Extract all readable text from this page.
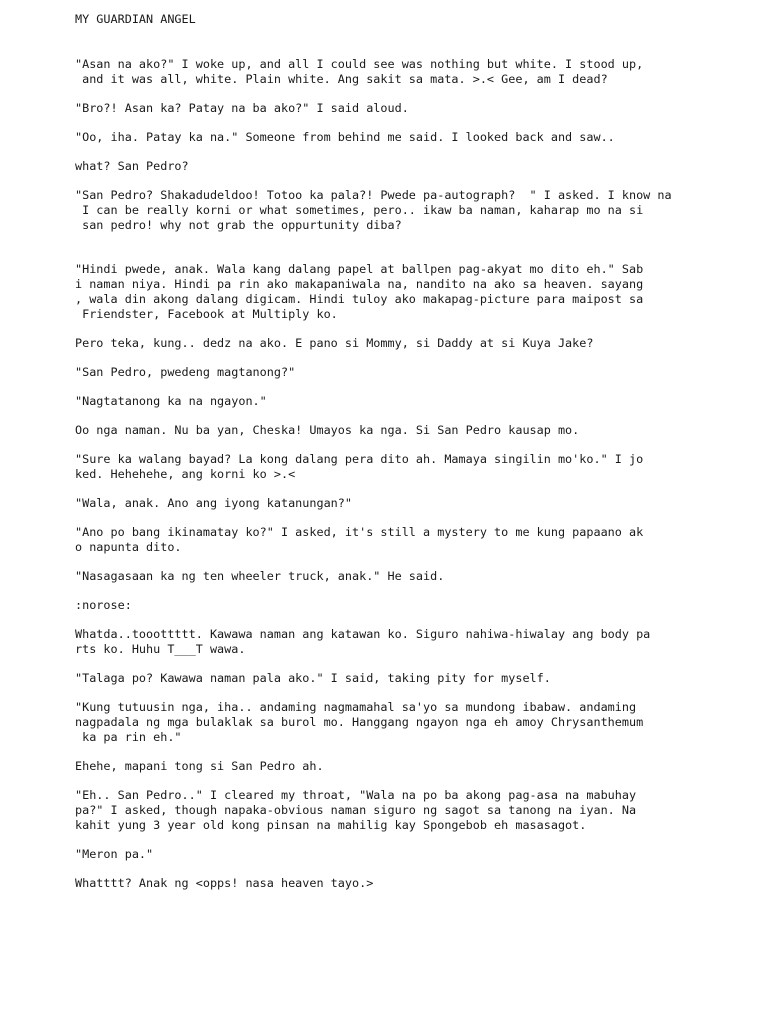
MY GUARDIAN ANGEL

"Asan na ako?" I woke up, and all I could see was nothing but white. I stood up,
and it was all, white. Plain white. Ang sakit sa mata. >.< Gee, am I dead?

"Bro?! Asan ka? Patay na ba ako?" I said aloud.

"Oo, iha. Patay ka na." Someone from behind me said. I looked back and saw..

what? San Pedro?

"San Pedro? Shakadudeldoo! Totoo ka pala?! Pwede pa-autograph?  " I asked. I know na
I can be really korni or what sometimes, pero.. ikaw ba naman, kaharap mo na si
san pedro! why not grab the oppurtunity diba?

"Hindi pwede, anak. Wala kang dalang papel at ballpen pag-akyat mo dito eh." Sab
i naman niya. Hindi pa rin ako makapaniwala na, nandito na ako sa heaven. sayang
, wala din akong dalang digicam. Hindi tuloy ako makapag-picture para maipost sa
Friendster, Facebook at Multiply ko.

Pero teka, kung.. dedz na ako. E pano si Mommy, si Daddy at si Kuya Jake?

"San Pedro, pwedeng magtanong?"

"Nagtatanong ka na ngayon."

Oo nga naman. Nu ba yan, Cheska! Umayos ka nga. Si San Pedro kausap mo.

"Sure ka walang bayad? La kong dalang pera dito ah. Mamaya singilin mo'ko." I jo
ked. Hehehehe, ang korni ko >.<

"Wala, anak. Ano ang iyong katanungan?"

"Ano po bang ikinamatay ko?" I asked, it's still a mystery to me kung papaano ak
o napunta dito.

"Nasagasaan ka ng ten wheeler truck, anak." He said.

:norose:

Whatda..tooottttt. Kawawa naman ang katawan ko. Siguro nahiwa-hiwalay ang body pa
rts ko. Huhu T___T wawa.

"Talaga po? Kawawa naman pala ako." I said, taking pity for myself.

"Kung tutuusin nga, iha.. andaming nagmamahal sa'yo sa mundong ibabaw. andaming
nagpadala ng mga bulaklak sa burol mo. Hanggang ngayon nga eh amoy Chrysanthemum
ka pa rin eh."

Ehehe, mapani tong si San Pedro ah.

"Eh.. San Pedro.." I cleared my throat, "Wala na po ba akong pag-asa na mabuhay
pa?" I asked, though napaka-obvious naman siguro ng sagot sa tanong na iyan. Na
kahit yung 3 year old kong pinsan na mahilig kay Spongebob eh masasagot.

"Meron pa."

Whatttt? Anak ng <opps! nasa heaven tayo.>
